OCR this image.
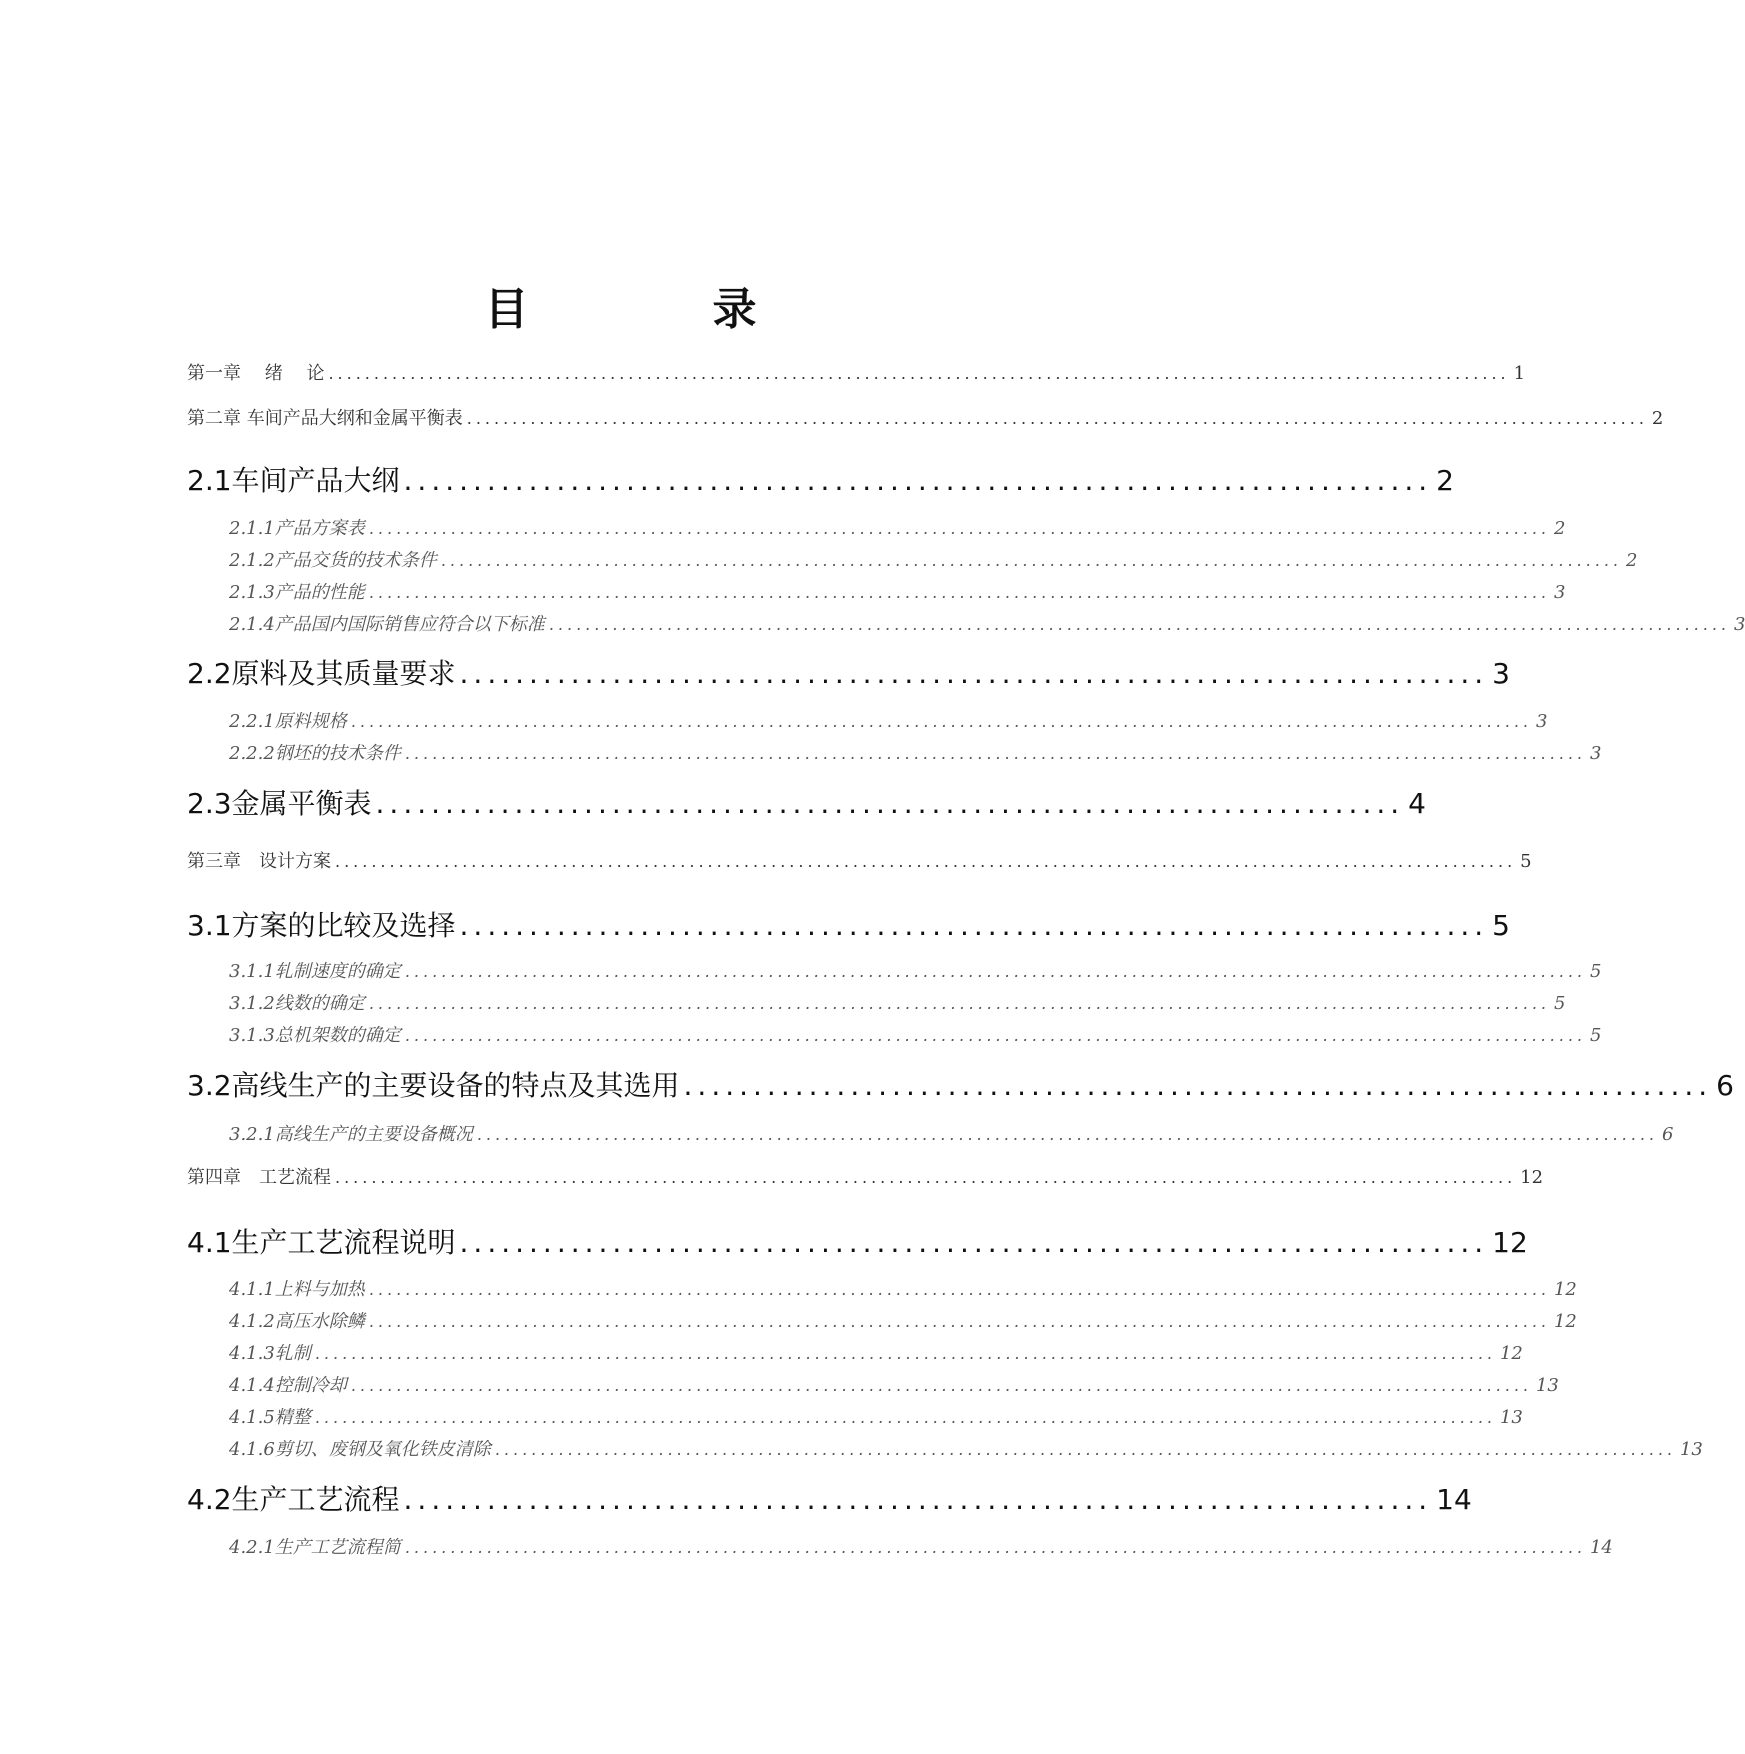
目　录
第一章　 绪　 论 .................................................................................................................................. 1
第二章 车间产品大纲和金属平衡表 .................................................................................................................................. 2
2.1车间产品大纲 .......................................................................... 2
2.1.1产品方案表 .................................................................................................................................. 2
2.1.2产品交货的技术条件 .................................................................................................................................. 2
2.1.3产品的性能 .................................................................................................................................. 3
2.1.4产品国内国际销售应符合以下标准 .................................................................................................................................. 3
2.2原料及其质量要求 .......................................................................... 3
2.2.1原料规格 .................................................................................................................................. 3
2.2.2钢坯的技术条件 .................................................................................................................................. 3
2.3金属平衡表 .......................................................................... 4
第三章　设计方案 .................................................................................................................................. 5
3.1方案的比较及选择 .......................................................................... 5
3.1.1轧制速度的确定 .................................................................................................................................. 5
3.1.2线数的确定 .................................................................................................................................. 5
3.1.3总机架数的确定 .................................................................................................................................. 5
3.2高线生产的主要设备的特点及其选用 .......................................................................... 6
3.2.1高线生产的主要设备概况 .................................................................................................................................. 6
第四章　工艺流程 .................................................................................................................................. 12
4.1生产工艺流程说明 .......................................................................... 12
4.1.1上料与加热 .................................................................................................................................. 12
4.1.2高压水除鳞 .................................................................................................................................. 12
4.1.3轧制 .................................................................................................................................. 12
4.1.4控制冷却 .................................................................................................................................. 13
4.1.5精整 .................................................................................................................................. 13
4.1.6剪切、废钢及氧化铁皮清除 .................................................................................................................................. 13
4.2生产工艺流程 .......................................................................... 14
4.2.1生产工艺流程简 .................................................................................................................................. 14
